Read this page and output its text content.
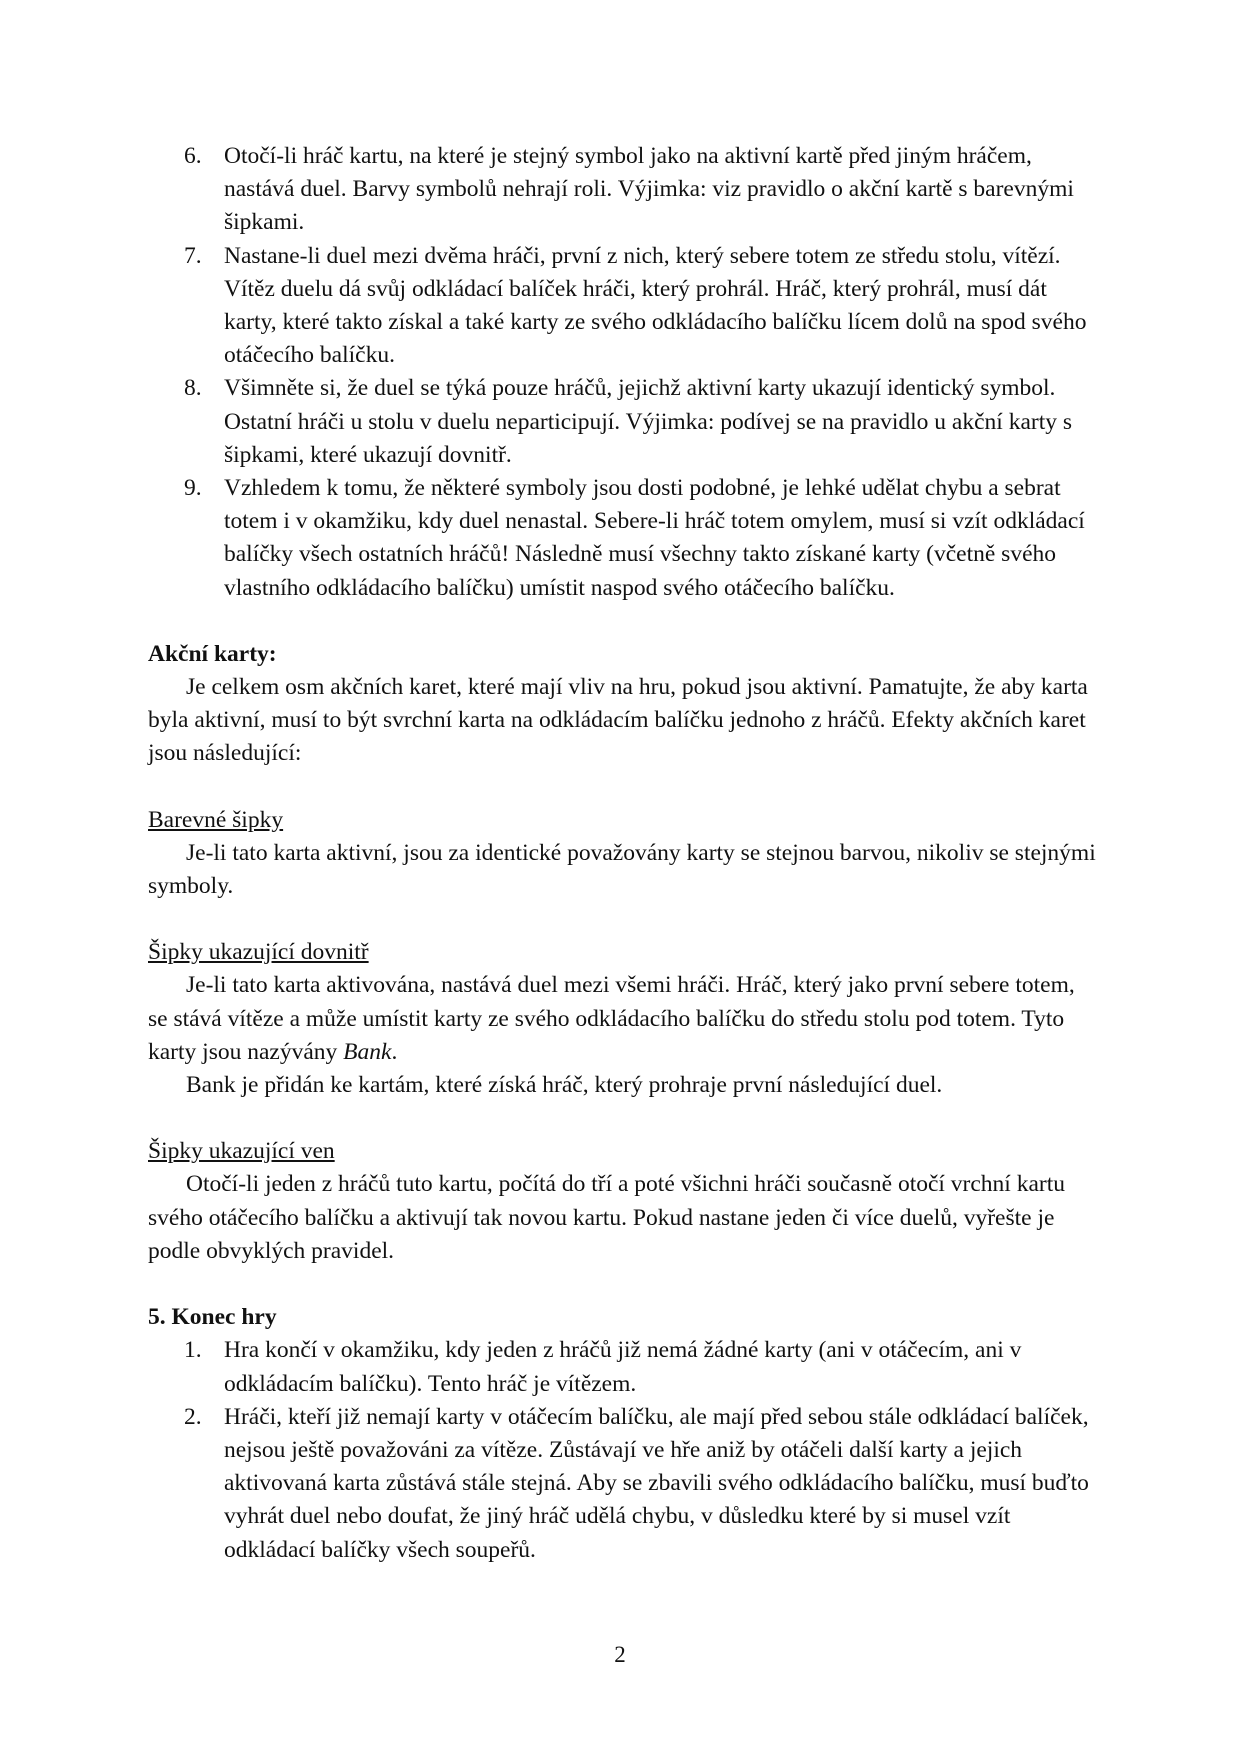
6. Otočí-li hráč kartu, na které je stejný symbol jako na aktivní kartě před jiným hráčem, nastává duel. Barvy symbolů nehrají roli. Výjimka: viz pravidlo o akční kartě s barevnými šipkami.
7. Nastane-li duel mezi dvěma hráči, první z nich, který sebere totem ze středu stolu, vítězí. Vítěz duelu dá svůj odkládací balíček hráči, který prohrál. Hráč, který prohrál, musí dát karty, které takto získal a také karty ze svého odkládacího balíčku lícem dolů na spod svého otáčecího balíčku.
8. Všimněte si, že duel se týká pouze hráčů, jejichž aktivní karty ukazují identický symbol. Ostatní hráči u stolu v duelu neparticipují. Výjimka: podívej se na pravidlo u akční karty s šipkami, které ukazují dovnitř.
9. Vzhledem k tomu, že některé symboly jsou dosti podobné, je lehké udělat chybu a sebrat totem i v okamžiku, kdy duel nenastal. Sebere-li hráč totem omylem, musí si vzít odkládací balíčky všech ostatních hráčů! Následně musí všechny takto získané karty (včetně svého vlastního odkládacího balíčku) umístit naspod svého otáčecího balíčku.
Akční karty:
Je celkem osm akčních karet, které mají vliv na hru, pokud jsou aktivní. Pamatujte, že aby karta byla aktivní, musí to být svrchní karta na odkládacím balíčku jednoho z hráčů. Efekty akčních karet jsou následující:
Barevné šipky
Je-li tato karta aktivní, jsou za identické považovány karty se stejnou barvou, nikoliv se stejnými symboly.
Šipky ukazující dovnitř
Je-li tato karta aktivována, nastává duel mezi všemi hráči. Hráč, který jako první sebere totem, se stává vítěze a může umístit karty ze svého odkládacího balíčku do středu stolu pod totem. Tyto karty jsou nazývány Bank.
Bank je přidán ke kartám, které získá hráč, který prohraje první následující duel.
Šipky ukazující ven
Otočí-li jeden z hráčů tuto kartu, počítá do tří a poté všichni hráči současně otočí vrchní kartu svého otáčecího balíčku a aktivují tak novou kartu. Pokud nastane jeden či více duelů, vyřešte je podle obvyklých pravidel.
5. Konec hry
1. Hra končí v okamžiku, kdy jeden z hráčů již nemá žádné karty (ani v otáčecím, ani v odkládacím balíčku). Tento hráč je vítězem.
2. Hráči, kteří již nemají karty v otáčecím balíčku, ale mají před sebou stále odkládací balíček, nejsou ještě považováni za vítěze. Zůstávají ve hře aniž by otáčeli další karty a jejich aktivovaná karta zůstává stále stejná. Aby se zbavili svého odkládacího balíčku, musí buďto vyhrát duel nebo doufat, že jiný hráč udělá chybu, v důsledku které by si musel vzít odkládací balíčky všech soupeřů.
2
